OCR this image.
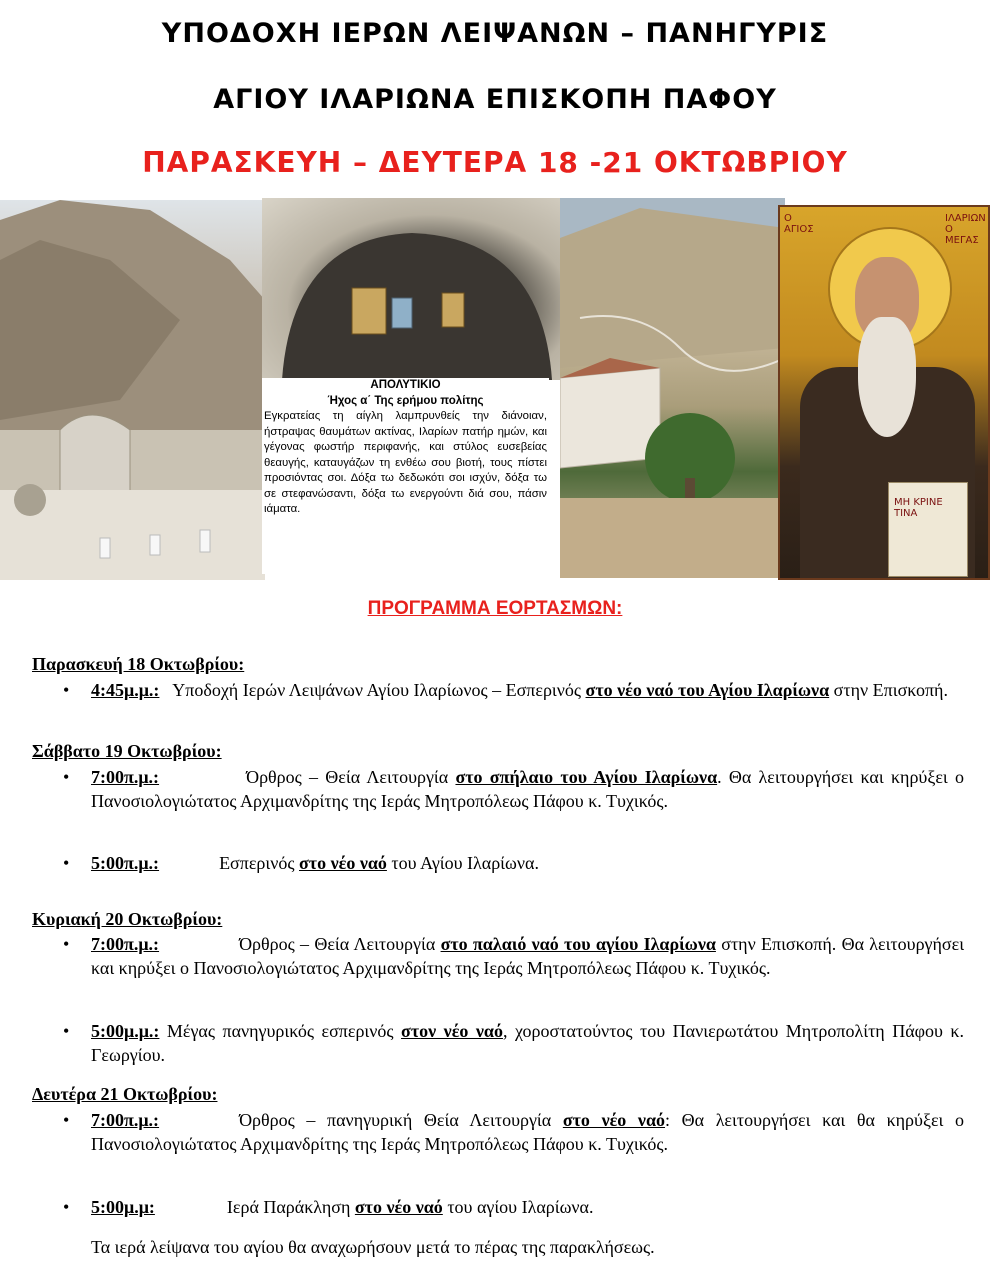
ΥΠΟΔΟΧΗ ΙΕΡΩΝ ΛΕΙΨΑΝΩΝ – ΠΑΝΗΓΥΡΙΣ
ΑΓΙΟΥ ΙΛΑΡΙΩΝΑ ΕΠΙΣΚΟΠΗ ΠΑΦΟΥ
ΠΑΡΑΣΚΕΥΗ – ΔΕΥΤΕΡΑ 18 -21 ΟΚΤΩΒΡΙΟΥ
ΑΠΟΛΥΤΙΚΙΟ
Ήχος α΄ Της ερήμου πολίτης
Εγκρατείας τη αίγλη λαμπρυνθείς την διάνοιαν, ήστραψας θαυμάτων ακτίνας, Ιλαρίων πατήρ ημών, και γέγονας φωστήρ περιφανής, και στύλος ευσεβείας θεαυγής, καταυγάζων τη ενθέω σου βιοτή, τους πίστει προσιόντας σοι. Δόξα τω δεδωκότι σοι ισχύν, δόξα τω σε στεφανώσαντι, δόξα τω ενεργούντι διά σου, πάσιν ιάματα.
Ο ΑΓΙΟΣ
ΙΛΑΡΙΩΝ Ο ΜΕΓΑΣ
ΜΗ ΚΡΙΝΕ ΤΙΝΑ
ΠΡΟΓΡΑΜΜΑ ΕΟΡΤΑΣΜΩΝ:
Παρασκευή 18 Οκτωβρίου:
• 4:45μ.μ.: Υποδοχή Ιερών Λειψάνων Αγίου Ιλαρίωνος – Εσπερινός στο νέο ναό του Αγίου Ιλαρίωνα στην Επισκοπή.
Σάββατο 19 Οκτωβρίου:
• 7:00π.μ.:	Όρθρος – Θεία Λειτουργία στο σπήλαιο του Αγίου Ιλαρίωνα. Θα λειτουργήσει και κηρύξει ο Πανοσιολογιώτατος Αρχιμανδρίτης της Ιεράς Μητροπόλεως Πάφου κ. Τυχικός.
• 5:00π.μ.:	Εσπερινός στο νέο ναό του Αγίου Ιλαρίωνα.
Κυριακή 20 Οκτωβρίου:
• 7:00π.μ.:	Όρθρος – Θεία Λειτουργία στο παλαιό ναό του αγίου Ιλαρίωνα στην Επισκοπή. Θα λειτουργήσει και κηρύξει ο Πανοσιολογιώτατος Αρχιμανδρίτης της Ιεράς Μητροπόλεως Πάφου κ. Τυχικός.
• 5:00μ.μ.: Μέγας πανηγυρικός εσπερινός στον νέο ναό, χοροστατούντος του Πανιερωτάτου Μητροπολίτη Πάφου κ. Γεωργίου.
Δευτέρα 21 Οκτωβρίου:
• 7:00π.μ.:	Όρθρος – πανηγυρική Θεία Λειτουργία στο νέο ναό: Θα λειτουργήσει και θα κηρύξει ο Πανοσιολογιώτατος Αρχιμανδρίτης της Ιεράς Μητροπόλεως Πάφου κ. Τυχικός.
• 5:00μ.μ:	Ιερά Παράκληση στο νέο ναό του αγίου Ιλαρίωνα.
Τα ιερά λείψανα του αγίου θα αναχωρήσουν μετά το πέρας της παρακλήσεως.
